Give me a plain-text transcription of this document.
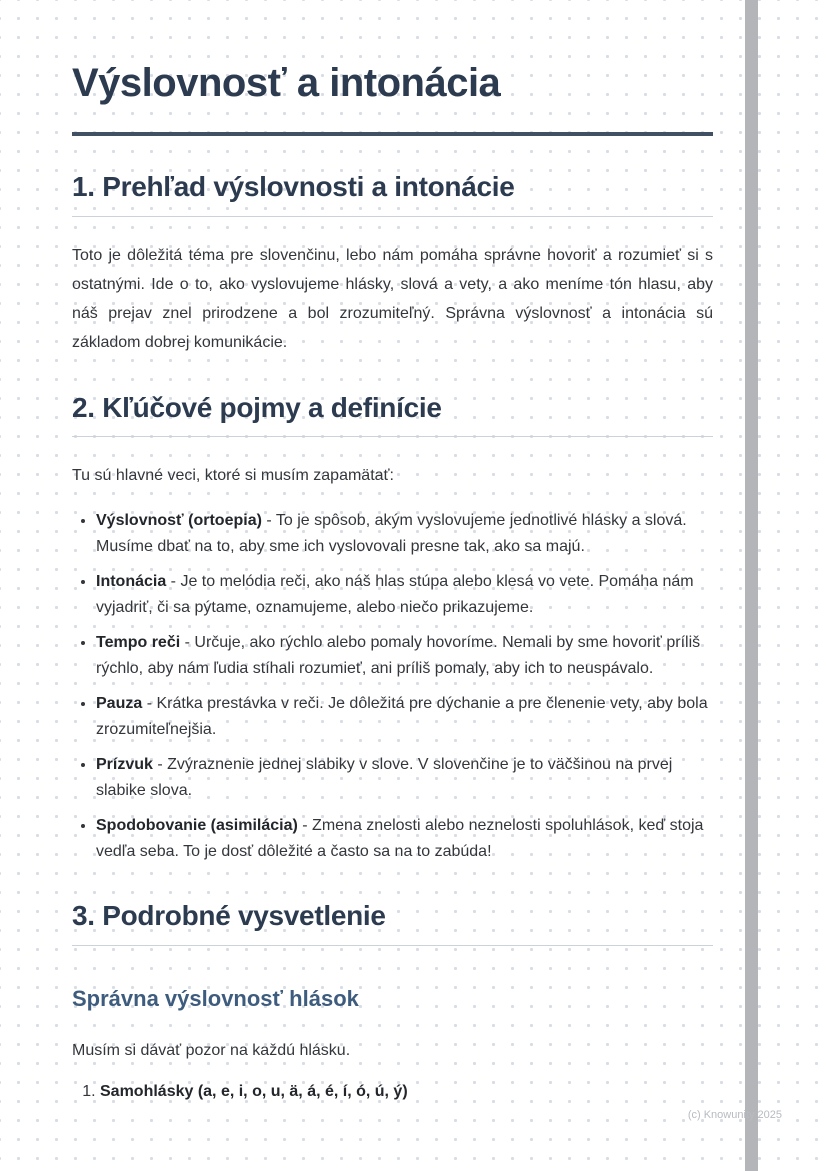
Výslovnosť a intonácia
1. Prehľad výslovnosti a intonácie

Toto je dôležitá téma pre slovenčinu, lebo nám pomáha správne hovoriť a rozumieť si s ostatnými. Ide o to, ako vyslovujeme hlásky, slová a vety, a ako meníme tón hlasu, aby náš prejav znel prirodzene a bol zrozumiteľný. Správna výslovnosť a intonácia sú základom dobrej komunikácie.

2. Kľúčové pojmy a definície

Tu sú hlavné veci, ktoré si musím zapamätať:

• Výslovnosť (ortoepia) - To je spôsob, akým vyslovujeme jednotlivé hlásky a slová. Musíme dbať na to, aby sme ich vyslovovali presne tak, ako sa majú.
• Intonácia - Je to melódia reči, ako náš hlas stúpa alebo klesá vo vete. Pomáha nám vyjadriť, či sa pýtame, oznamujeme, alebo niečo prikazujeme.
• Tempo reči - Určuje, ako rýchlo alebo pomaly hovoríme. Nemali by sme hovoriť príliš rýchlo, aby nám ľudia stíhali rozumieť, ani príliš pomaly, aby ich to neuspávalo.
• Pauza - Krátka prestávka v reči. Je dôležitá pre dýchanie a pre členenie vety, aby bola zrozumiteľnejšia.
• Prízvuk - Zvýraznenie jednej slabiky v slove. V slovenčine je to väčšinou na prvej slabike slova.
• Spodobovanie (asimilácia) - Zmena znelosti alebo neznelosti spoluhlások, keď stoja vedľa seba. To je dosť dôležité a často sa na to zabúda!
3. Podrobné vysvetlenie
Správna výslovnosť hlások

Musím si dávať pozor na každú hlásku.

1. Samohlásky (a, e, i, o, u, ä, á, é, í, ó, ú, ý)
(c) Knowunity 2025
